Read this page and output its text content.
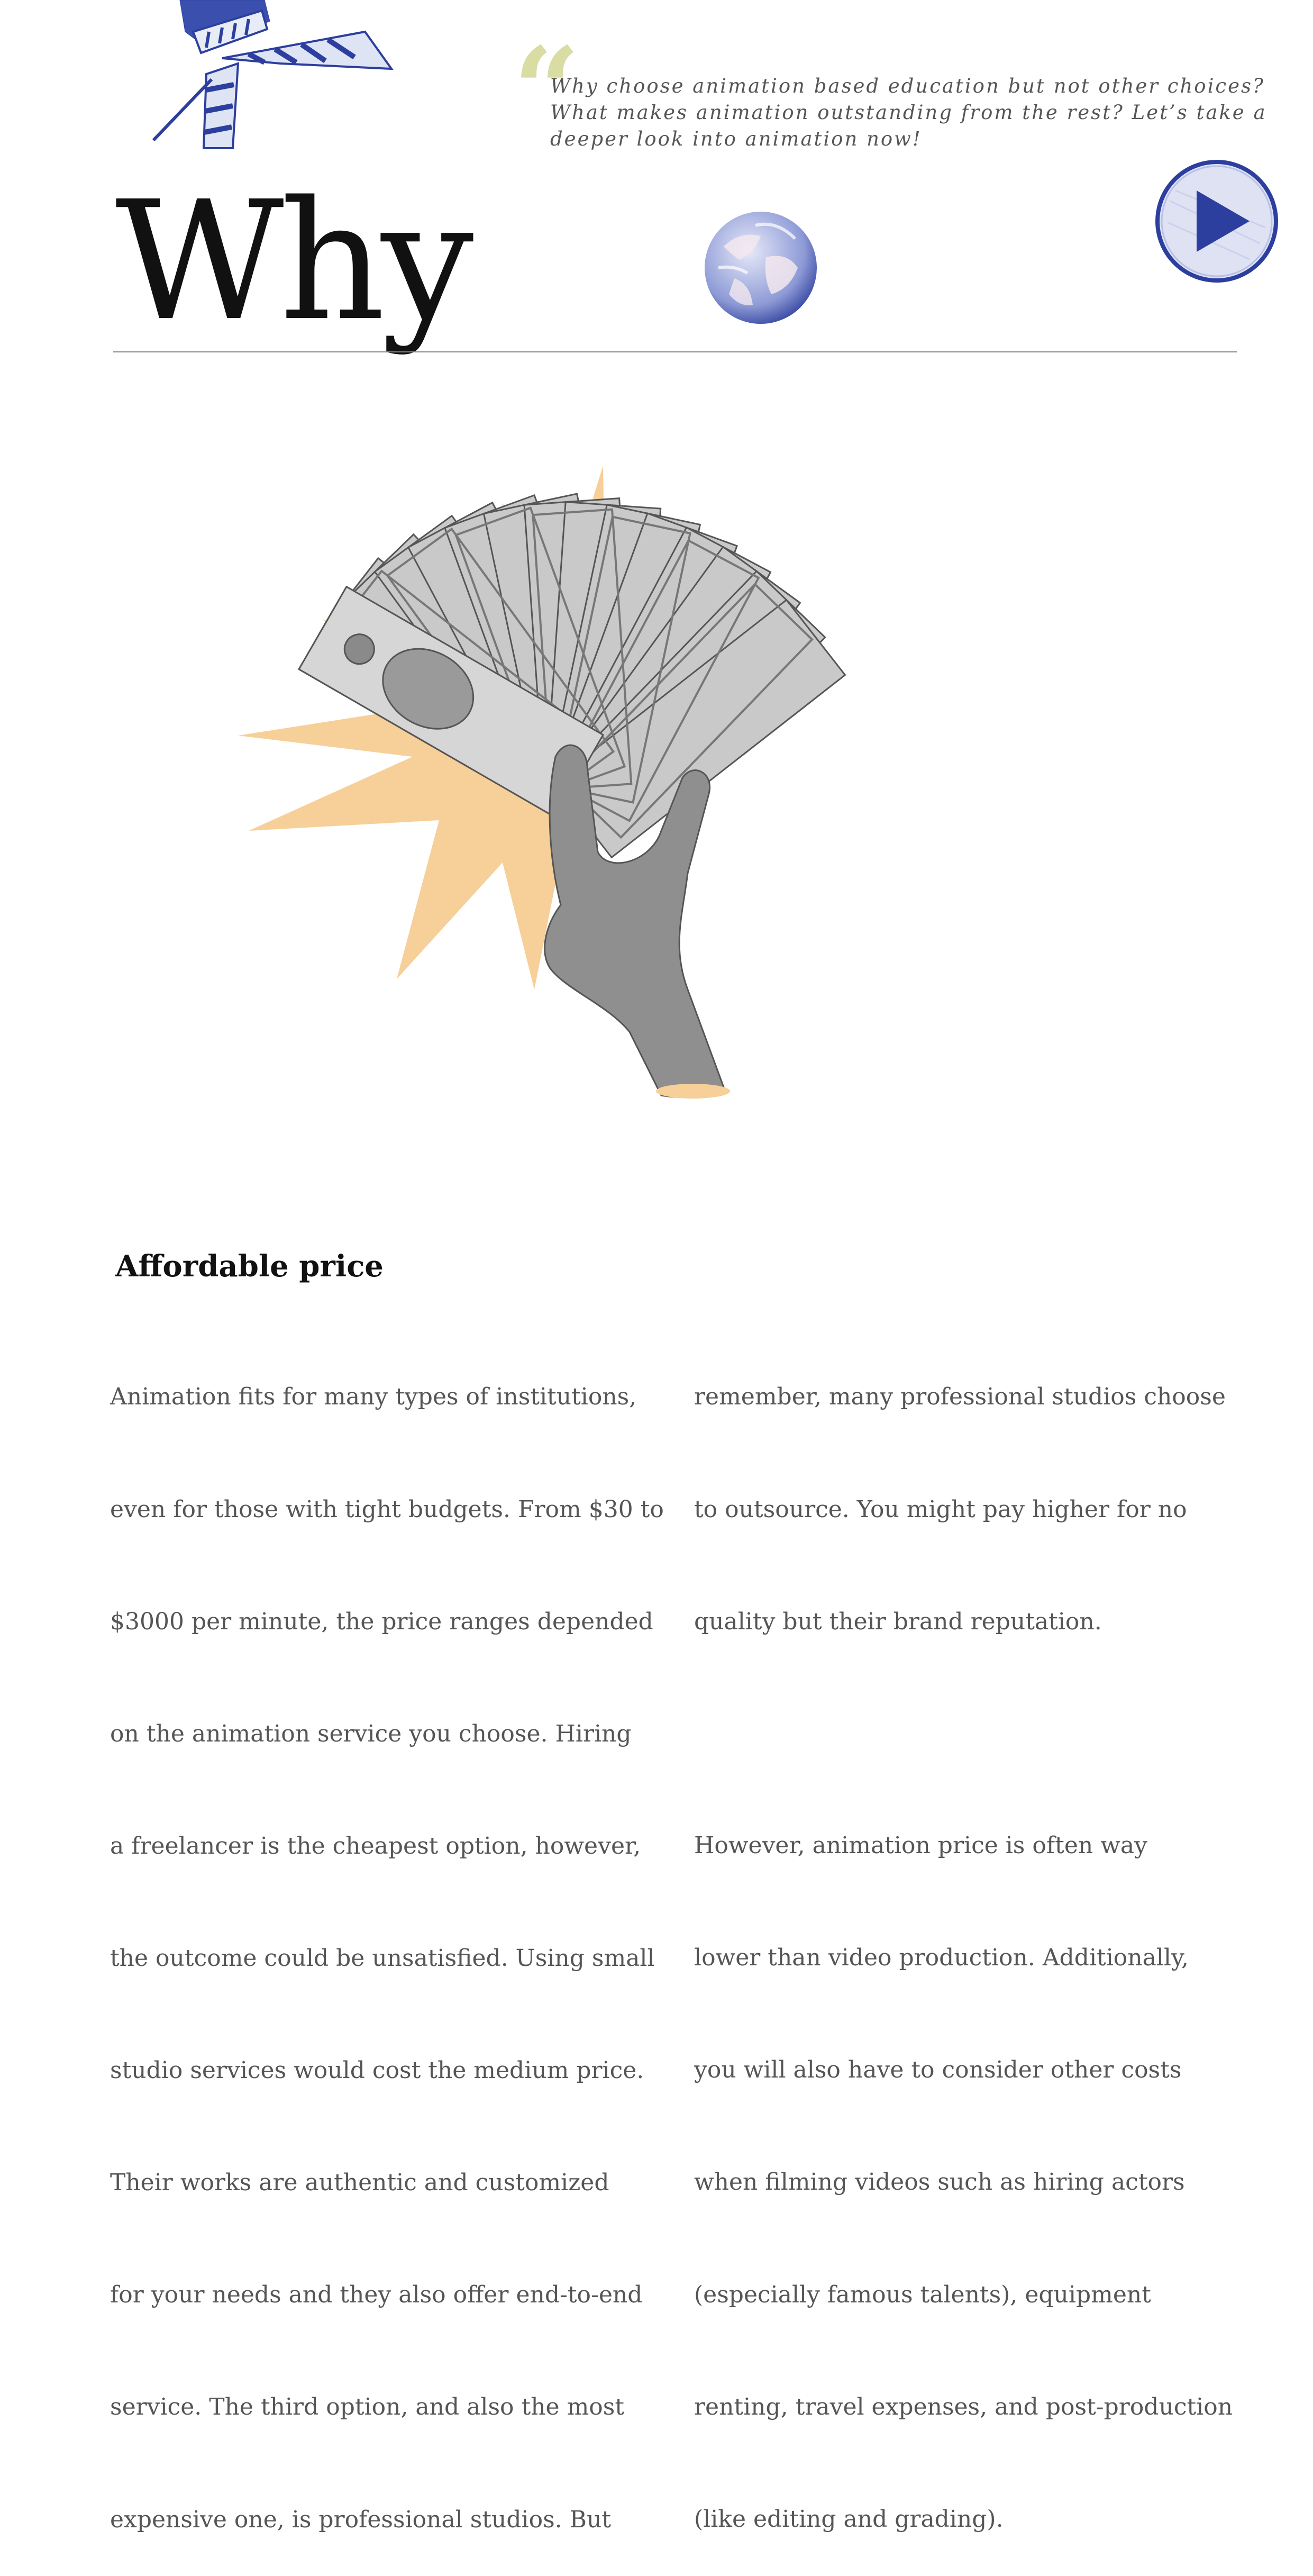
“
Why choose animation based education but not other choices?
What makes animation outstanding from the rest? Let’s take a
deeper look into animation now!
Why
Affordable price

Animation fits for many types of institutions,

even for those with tight budgets. From $30 to

$3000 per minute, the price ranges depended

on the animation service you choose. Hiring

a freelancer is the cheapest option, however,

the outcome could be unsatisfied. Using small

studio services would cost the medium price.

Their works are authentic and customized

for your needs and they also offer end-to-end

service. The third option, and also the most

expensive one, is professional studios. But

remember, many professional studios choose

to outsource. You might pay higher for no

quality but their brand reputation.

However, animation price is often way

lower than video production. Additionally,

you will also have to consider other costs

when filming videos such as hiring actors

(especially famous talents), equipment

renting, travel expenses, and post-production

(like editing and grading).
